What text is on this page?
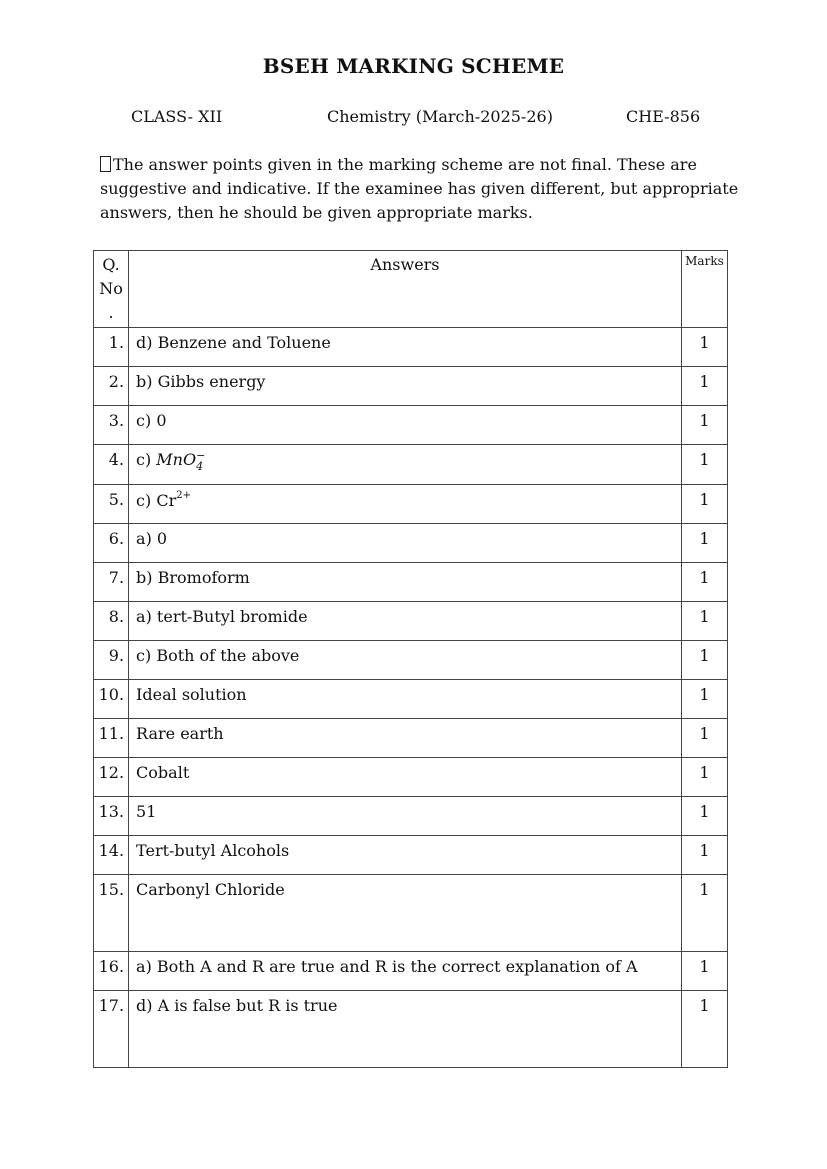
BSEH MARKING SCHEME
CLASS- XII	Chemistry (March-2025-26)	CHE-856
The answer points given in the marking scheme are not final. These are suggestive and indicative. If the examinee has given different, but appropriate answers, then he should be given appropriate marks.
Q.
No
.	Answers	Marks
1.	d) Benzene and Toluene	1
2.	b) Gibbs energy	1
3.	c) 0	1
4.	c) MnO$_4$−	1
5.	c) $Cr^{2+}$	1
6.	a) 0	1
7.	b) Bromoform	1
8.	a) tert-Butyl bromide	1
9.	c) Both of the above	1
10.	Ideal solution	1
11.	Rare earth	1
12.	Cobalt	1
13.	51	1
14.	Tert-butyl Alcohols	1
15.	Carbonyl Chloride	1
16.	a) Both A and R are true and R is the correct explanation of A	1
17.	d) A is false but R is true	1
